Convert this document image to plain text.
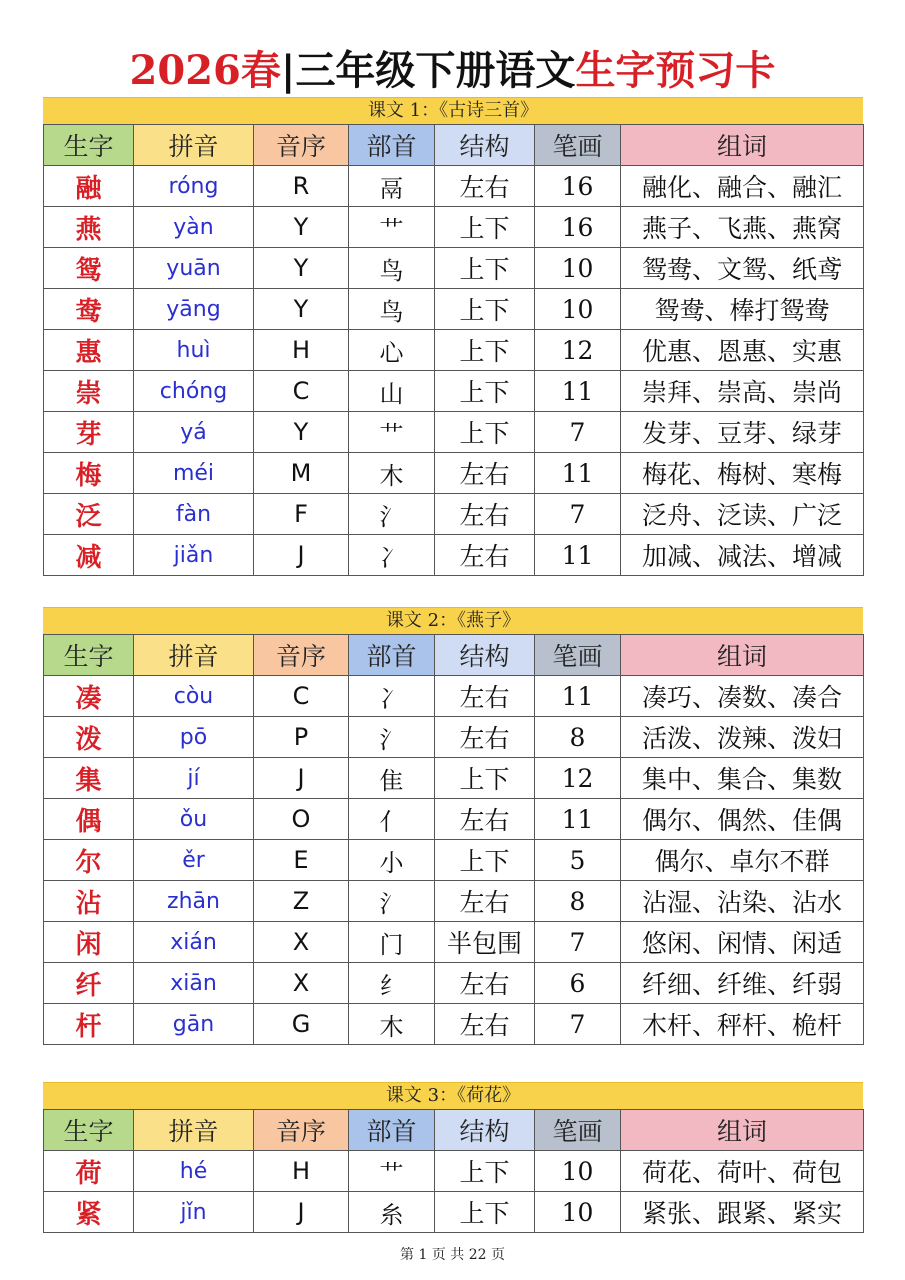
2026春|三年级下册语文生字预习卡
课文 1：《古诗三首》
生字	拼音	音序	部首	结构	笔画	组词
融	róng	R	鬲	左右	16	融化、融合、融汇
燕	yàn	Y	艹	上下	16	燕子、飞燕、燕窝
鸳	yuān	Y	鸟	上下	10	鸳鸯、文鸳、纸鸢
鸯	yāng	Y	鸟	上下	10	鸳鸯、棒打鸳鸯
惠	huì	H	心	上下	12	优惠、恩惠、实惠
崇	chóng	C	山	上下	11	崇拜、崇高、崇尚
芽	yá	Y	艹	上下	7	发芽、豆芽、绿芽
梅	méi	M	木	左右	11	梅花、梅树、寒梅
泛	fàn	F	氵	左右	7	泛舟、泛读、广泛
减	jiǎn	J	冫	左右	11	加减、减法、增减
课文 2：《燕子》
生字	拼音	音序	部首	结构	笔画	组词
凑	còu	C	冫	左右	11	凑巧、凑数、凑合
泼	pō	P	氵	左右	8	活泼、泼辣、泼妇
集	jí	J	隹	上下	12	集中、集合、集数
偶	ǒu	O	亻	左右	11	偶尔、偶然、佳偶
尔	ěr	E	小	上下	5	偶尔、卓尔不群
沾	zhān	Z	氵	左右	8	沾湿、沾染、沾水
闲	xián	X	门	半包围	7	悠闲、闲情、闲适
纤	xiān	X	纟	左右	6	纤细、纤维、纤弱
杆	gān	G	木	左右	7	木杆、秤杆、桅杆
课文 3：《荷花》
生字	拼音	音序	部首	结构	笔画	组词
荷	hé	H	艹	上下	10	荷花、荷叶、荷包
紧	jǐn	J	糸	上下	10	紧张、跟紧、紧实
第 1 页 共 22 页
